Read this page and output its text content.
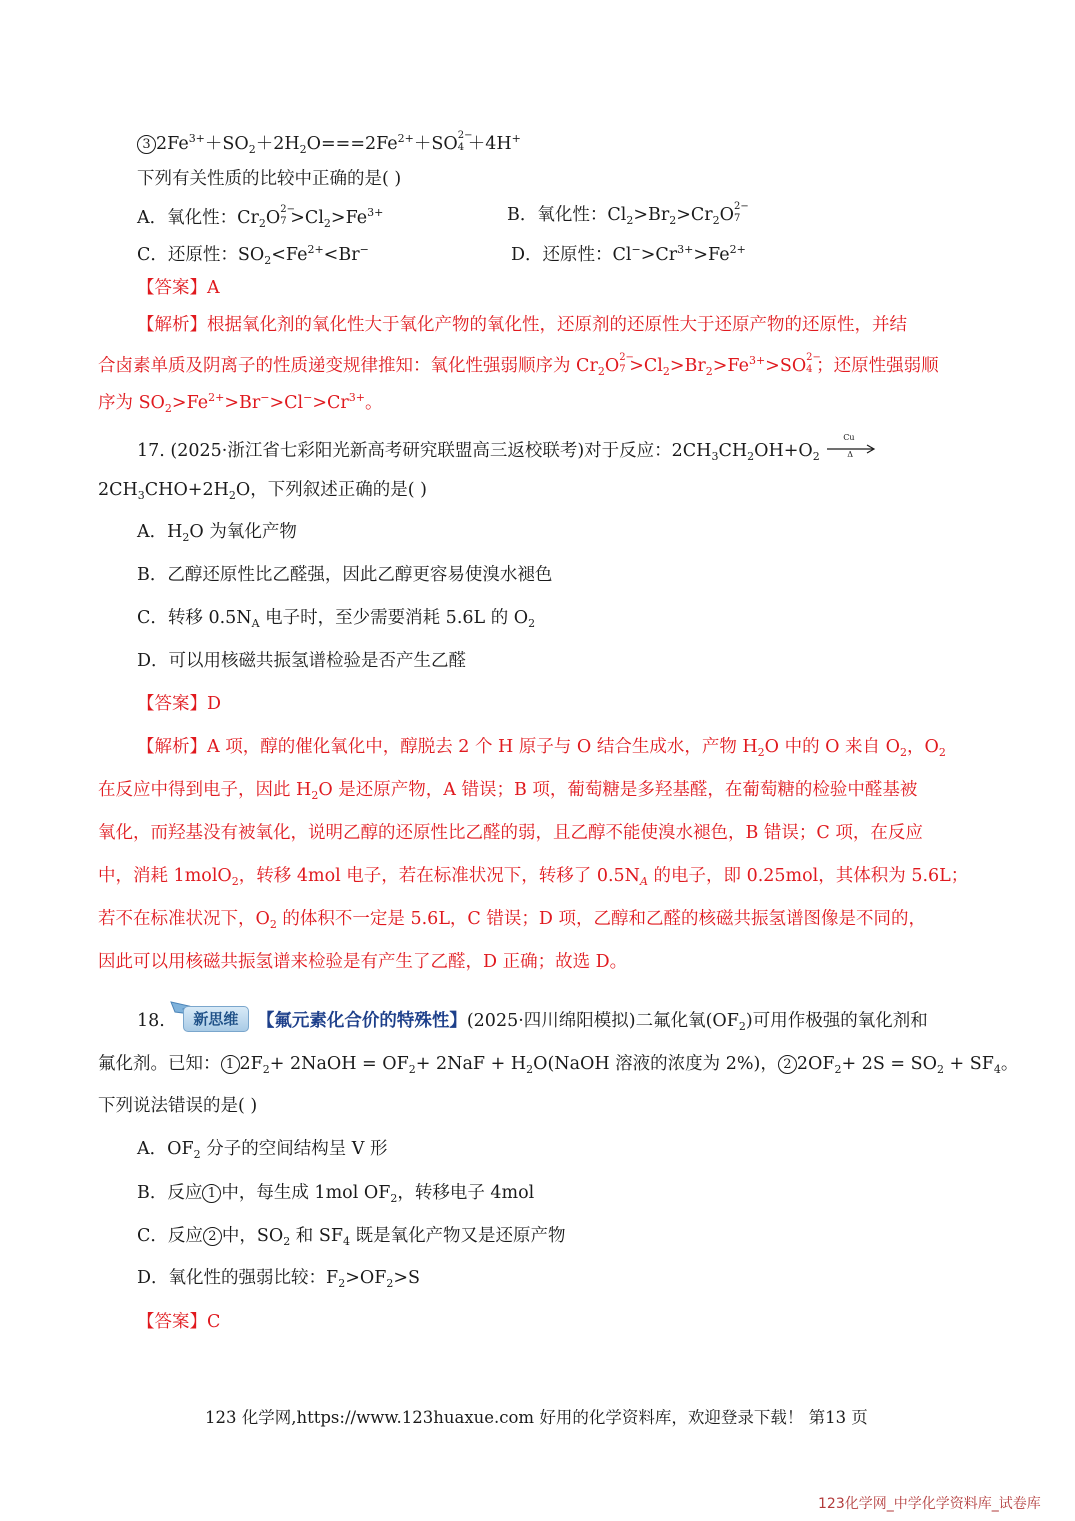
3 $2Fe^{3+}+SO_2+2H_2O===2Fe^{2+}+SO$ 2−
4 ＋4H+
下列有关性质的比较中正确的是( )
A．氧化性：$Cr_2O$ 2−
$7 >Cl_2>Fe^{3+}$	B．氧化性：$Cl_2>Br_2>Cr_2O$ 2−
7
C．还原性：$SO_2<Fe^{2+}<Br^-$	D．还原性：$Cl^->Cr^{3+}>Fe^{2+}$
【答案】A
【解析】根据氧化剂的氧化性大于氧化产物的氧化性，还原剂的还原性大于还原产物的还原性，并结
合卤素单质及阴离子的性质递变规律推知：氧化性强弱顺序为 $Cr_2O$ 2−
$7 >Cl_2>Br_2>Fe^{3+}>SO$ 2−
4 ；还原性强弱顺
序为 $SO_2>Fe^{2+}>Br^->Cl^->Cr^{3+}$。
17. (2025·浙江省七彩阳光新高考研究联盟高三返校联考)对于反应：$2CH_3CH_2OH+O_2$
Cu
Δ
$2CH_3CHO+2H_2O$，下列叙述正确的是( )
A．$H_2O$ 为氧化产物
B．乙醇还原性比乙醛强，因此乙醇更容易使溴水褪色
C．转移 $0.5N_A$ 电子时，至少需要消耗 5.6L 的 $O_2$
D．可以用核磁共振氢谱检验是否产生乙醛
【答案】D
【解析】A 项，醇的催化氧化中，醇脱去 2 个 H 原子与 O 结合生成水，产物 $H_2O$ 中的 O 来自 $O_2$，$O_2$
在反应中得到电子，因此 $H_2O$ 是还原产物，A 错误；B 项，葡萄糖是多羟基醛，在葡萄糖的检验中醛基被
氧化，而羟基没有被氧化，说明乙醇的还原性比乙醛的弱，且乙醇不能使溴水褪色，B 错误；C 项，在反应
中，消耗 1molO$_2$，转移 4mol 电子，若在标准状况下，转移了 $0.5N_A$ 的电子，即 0.25mol，其体积为 5.6L；
若不在标准状况下，$O_2$ 的体积不一定是 5.6L，C 错误；D 项，乙醇和乙醛的核磁共振氢谱图像是不同的，
因此可以用核磁共振氢谱来检验是有产生了乙醛，D 正确；故选 D。
18.	新思维	【氟元素化合价的特殊性】(2025·四川绵阳模拟)二氟化氧$(OF_2)$可用作极强的氧化剂和
氟化剂。已知： 1 $2F_2+$ 2NaOH = $OF_2+ 2NaF$ + $H_2O(NaOH$ 溶液的浓度为 2%)， 2 $2OF_2+ 2S = SO_2 + SF_4$。
下列说法错误的是( )
A．$OF_2$ 分子的空间结构呈 V 形
B．反应 1 中，每生成 1mol $OF_2$，转移电子 4mol
C．反应 2 中，$SO_2$ 和 $SF_4$ 既是氧化产物又是还原产物
D．氧化性的强弱比较：$F_2>OF_2>S$
【答案】C
123 化学网,https://www.123huaxue.com 好用的化学资料库，欢迎登录下载！ 第13 页
123化学网_中学化学资料库_试卷库
